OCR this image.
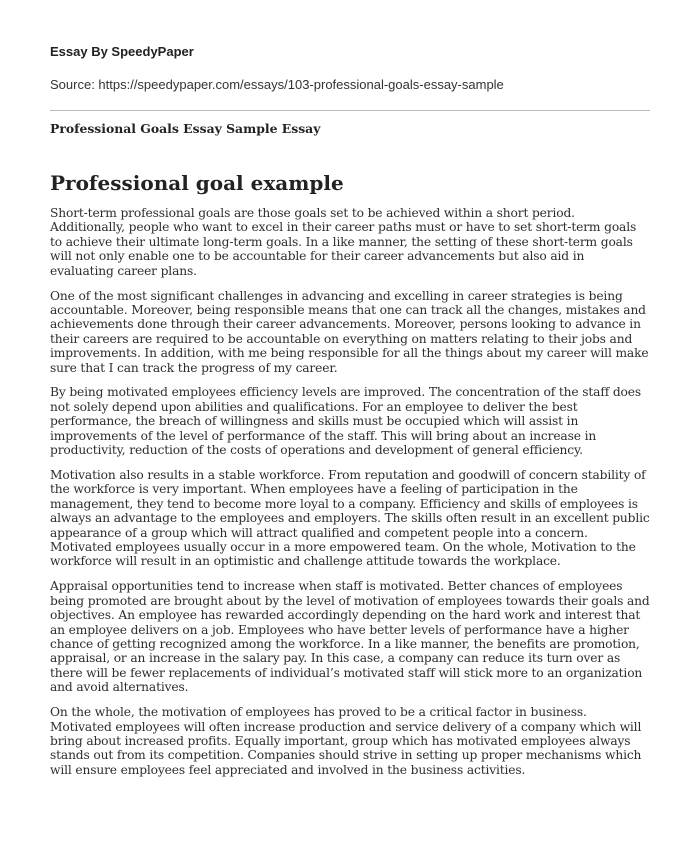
Essay By SpeedyPaper

Source: https://speedypaper.com/essays/103-professional-goals-essay-sample
Professional Goals Essay Sample Essay
Professional goal example

Short-term professional goals are those goals set to be achieved within a short period. Additionally, people who want to excel in their career paths must or have to set short-term goals to achieve their ultimate long-term goals. In a like manner, the setting of these short-term goals will not only enable one to be accountable for their career advancements but also aid in evaluating career plans.

One of the most significant challenges in advancing and excelling in career strategies is being accountable. Moreover, being responsible means that one can track all the changes, mistakes and achievements done through their career advancements. Moreover, persons looking to advance in their careers are required to be accountable on everything on matters relating to their jobs and improvements. In addition, with me being responsible for all the things about my career will make sure that I can track the progress of my career.

By being motivated employees efficiency levels are improved. The concentration of the staff does not solely depend upon abilities and qualifications. For an employee to deliver the best performance, the breach of willingness and skills must be occupied which will assist in improvements of the level of performance of the staff. This will bring about an increase in productivity, reduction of the costs of operations and development of general efficiency.

Motivation also results in a stable workforce. From reputation and goodwill of concern stability of the workforce is very important. When employees have a feeling of participation in the management, they tend to become more loyal to a company. Efficiency and skills of employees is always an advantage to the employees and employers. The skills often result in an excellent public appearance of a group which will attract qualified and competent people into a concern. Motivated employees usually occur in a more empowered team. On the whole, Motivation to the workforce will result in an optimistic and challenge attitude towards the workplace.

Appraisal opportunities tend to increase when staff is motivated. Better chances of employees being promoted are brought about by the level of motivation of employees towards their goals and objectives. An employee has rewarded accordingly depending on the hard work and interest that an employee delivers on a job. Employees who have better levels of performance have a higher chance of getting recognized among the workforce. In a like manner, the benefits are promotion, appraisal, or an increase in the salary pay. In this case, a company can reduce its turn over as there will be fewer replacements of individual’s motivated staff will stick more to an organization and avoid alternatives.

On the whole, the motivation of employees has proved to be a critical factor in business. Motivated employees will often increase production and service delivery of a company which will bring about increased profits. Equally important, group which has motivated employees always stands out from its competition. Companies should strive in setting up proper mechanisms which will ensure employees feel appreciated and involved in the business activities.
